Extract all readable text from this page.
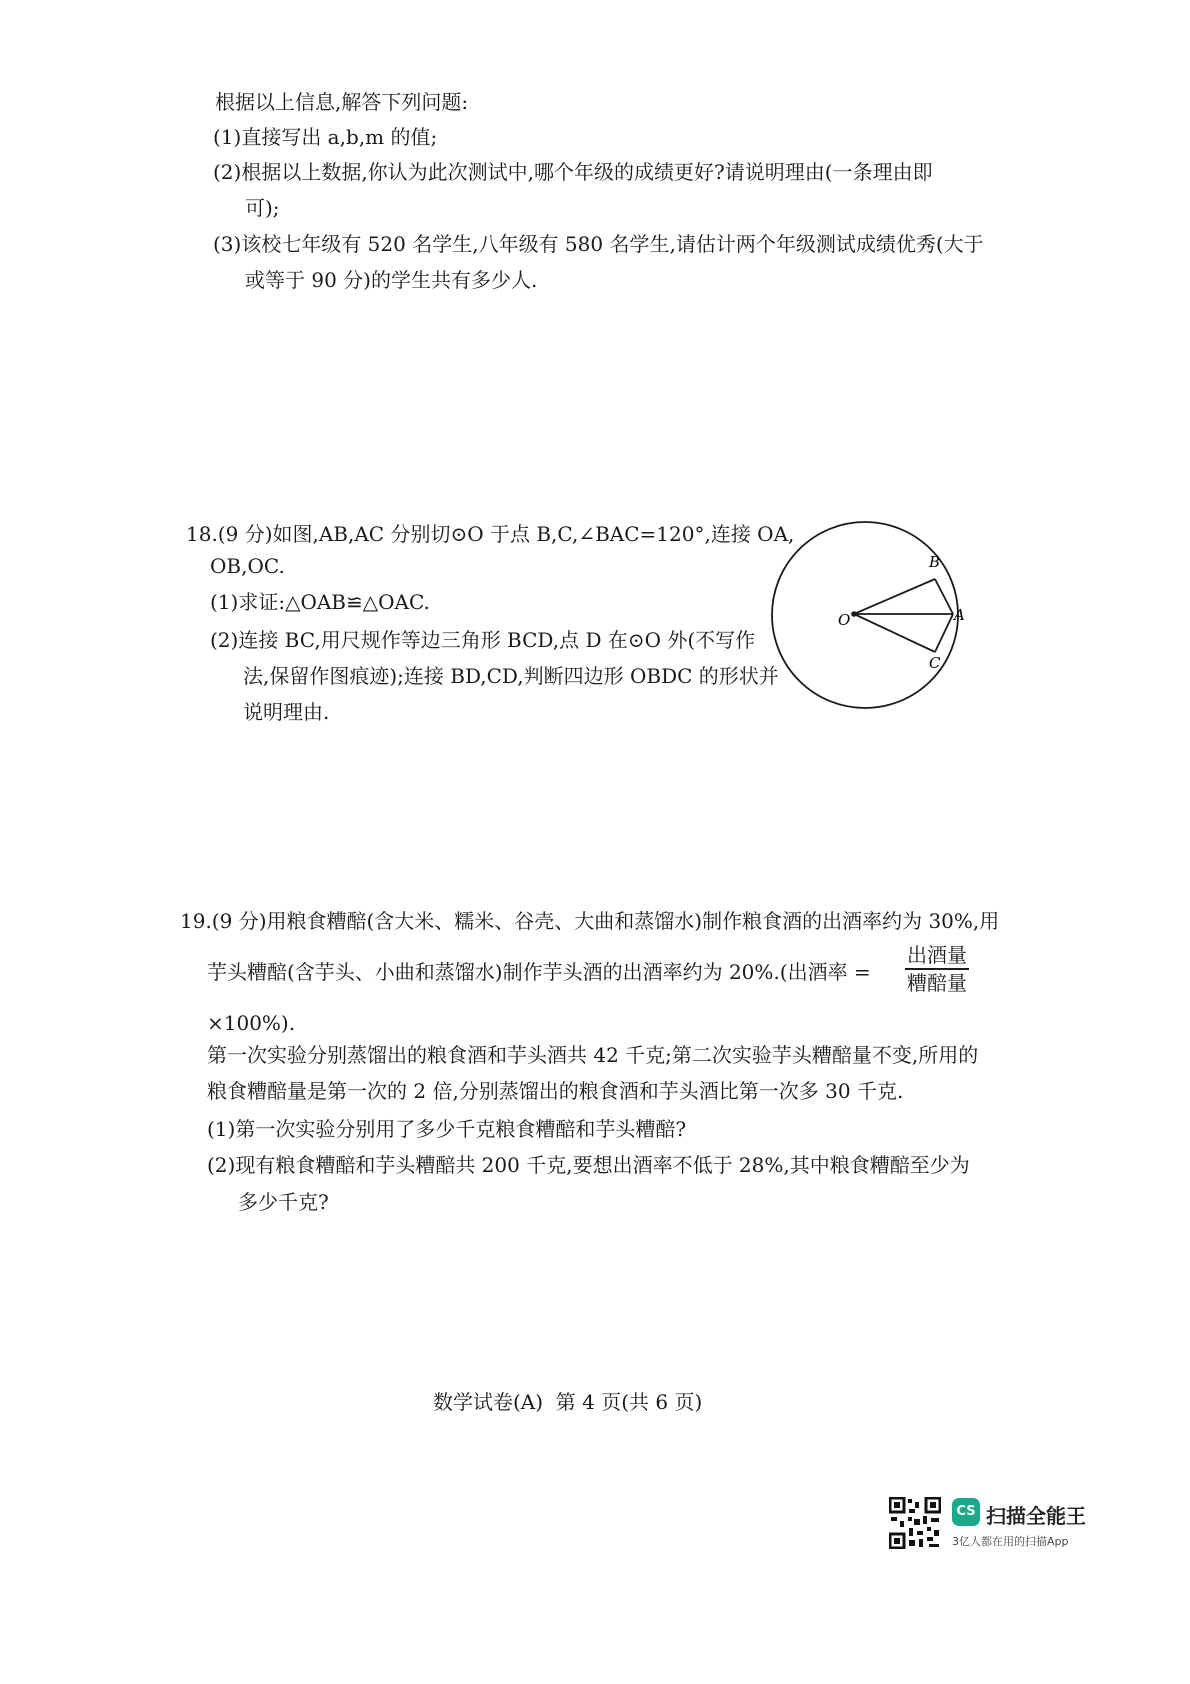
根据以上信息,解答下列问题:
(1)直接写出 a,b,m 的值;
(2)根据以上数据,你认为此次测试中,哪个年级的成绩更好?请说明理由(一条理由即
可);
(3)该校七年级有 520 名学生,八年级有 580 名学生,请估计两个年级测试成绩优秀(大于
或等于 90 分)的学生共有多少人.
18.(9 分)如图,AB,AC 分别切⊙O 于点 B,C,∠BAC=120°,连接 OA,
OB,OC.
(1)求证:△OAB≌△OAC.
(2)连接 BC,用尺规作等边三角形 BCD,点 D 在⊙O 外(不写作
法,保留作图痕迹);连接 BD,CD,判断四边形 OBDC 的形状并
说明理由.
O
B
A
C
19.(9 分)用粮食糟醅(含大米、糯米、谷壳、大曲和蒸馏水)制作粮食酒的出酒率约为 30%,用
芋头糟醅(含芋头、小曲和蒸馏水)制作芋头酒的出酒率约为 20%.(出酒率 =
出酒量
糟醅量
×100%).
第一次实验分别蒸馏出的粮食酒和芋头酒共 42 千克;第二次实验芋头糟醅量不变,所用的
粮食糟醅量是第一次的 2 倍,分别蒸馏出的粮食酒和芋头酒比第一次多 30 千克.
(1)第一次实验分别用了多少千克粮食糟醅和芋头糟醅?
(2)现有粮食糟醅和芋头糟醅共 200 千克,要想出酒率不低于 28%,其中粮食糟醅至少为
多少千克?
数学试卷(A)  第 4 页(共 6 页)
CS 扫描全能王
3亿人都在用的扫描App
